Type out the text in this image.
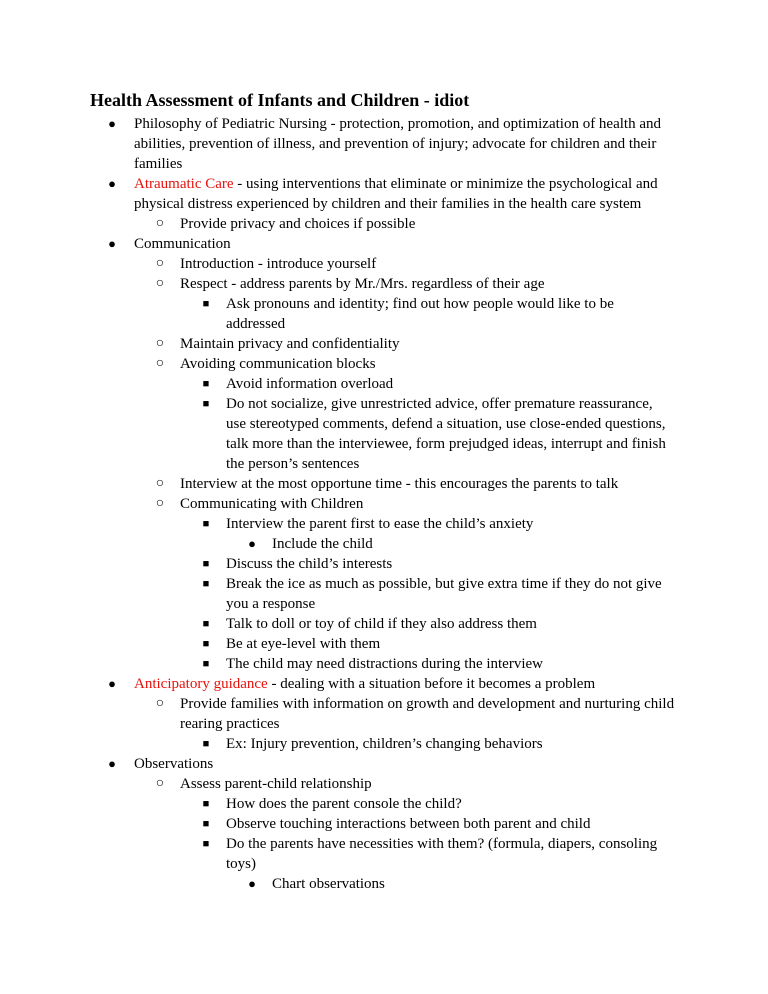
Health Assessment of Infants and Children - idiot
● Philosophy of Pediatric Nursing - protection, promotion, and optimization of health and
abilities, prevention of illness, and prevention of injury; advocate for children and their
families
● Atraumatic Care - using interventions that eliminate or minimize the psychological and
physical distress experienced by children and their families in the health care system
○ Provide privacy and choices if possible
● Communication
○ Introduction - introduce yourself
○ Respect - address parents by Mr./Mrs. regardless of their age
■	Ask pronouns and identity; find out how people would like to be
addressed
○ Maintain privacy and confidentiality
○ Avoiding communication blocks
■	Avoid information overload
■	Do not socialize, give unrestricted advice, offer premature reassurance,
use stereotyped comments, defend a situation, use close-ended questions,
talk more than the interviewee, form prejudged ideas, interrupt and finish
the person’s sentences
○ Interview at the most opportune time - this encourages the parents to talk
○ Communicating with Children
■	Interview the parent first to ease the child’s anxiety
● Include the child
■	Discuss the child’s interests
■	Break the ice as much as possible, but give extra time if they do not give
you a response
■	Talk to doll or toy of child if they also address them
■	Be at eye-level with them
■	The child may need distractions during the interview
● Anticipatory guidance - dealing with a situation before it becomes a problem
○ Provide families with information on growth and development and nurturing child
rearing practices
■	Ex: Injury prevention, children’s changing behaviors
● Observations
○ Assess parent-child relationship
■	How does the parent console the child?
■	Observe touching interactions between both parent and child
■	Do the parents have necessities with them? (formula, diapers, consoling
toys)
● Chart observations
